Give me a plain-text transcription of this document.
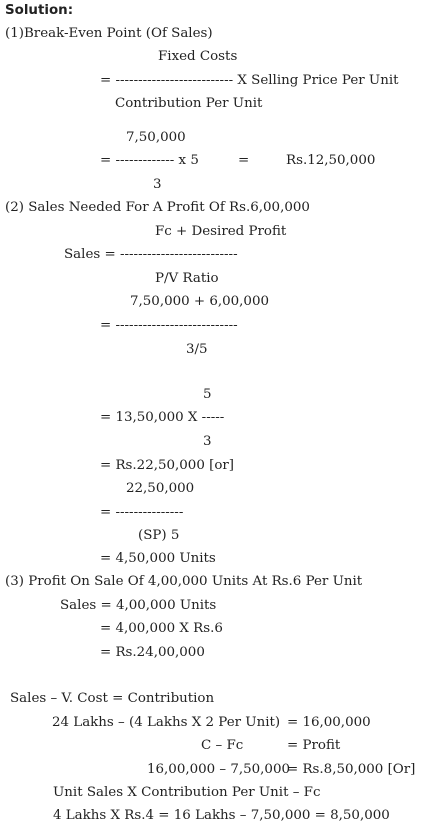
Solution:
(1)Break-Even Point (Of Sales)
Fixed Costs
= -------------------------- X Selling Price Per Unit
Contribution Per Unit
7,50,000
= ------------- x 5	=	Rs.12,50,000
3
(2) Sales Needed For A Profit Of Rs.6,00,000
Fc + Desired Profit
Sales = --------------------------
P/V Ratio
7,50,000 + 6,00,000
= ---------------------------
3/5
5
= 13,50,000 X -----
3
= Rs.22,50,000 [or]
22,50,000
= ---------------
(SP) 5
= 4,50,000 Units
(3) Profit On Sale Of 4,00,000 Units At Rs.6 Per Unit
Sales = 4,00,000 Units
= 4,00,000 X Rs.6
= Rs.24,00,000
Sales – V. Cost = Contribution
24 Lakhs – (4 Lakhs X 2 Per Unit) = 16,00,000
C – Fc	= Profit
16,00,000 – 7,50,000
= Rs.8,50,000 [Or]
Unit Sales X Contribution Per Unit – Fc
4 Lakhs X Rs.4 = 16 Lakhs – 7,50,000 = 8,50,000
